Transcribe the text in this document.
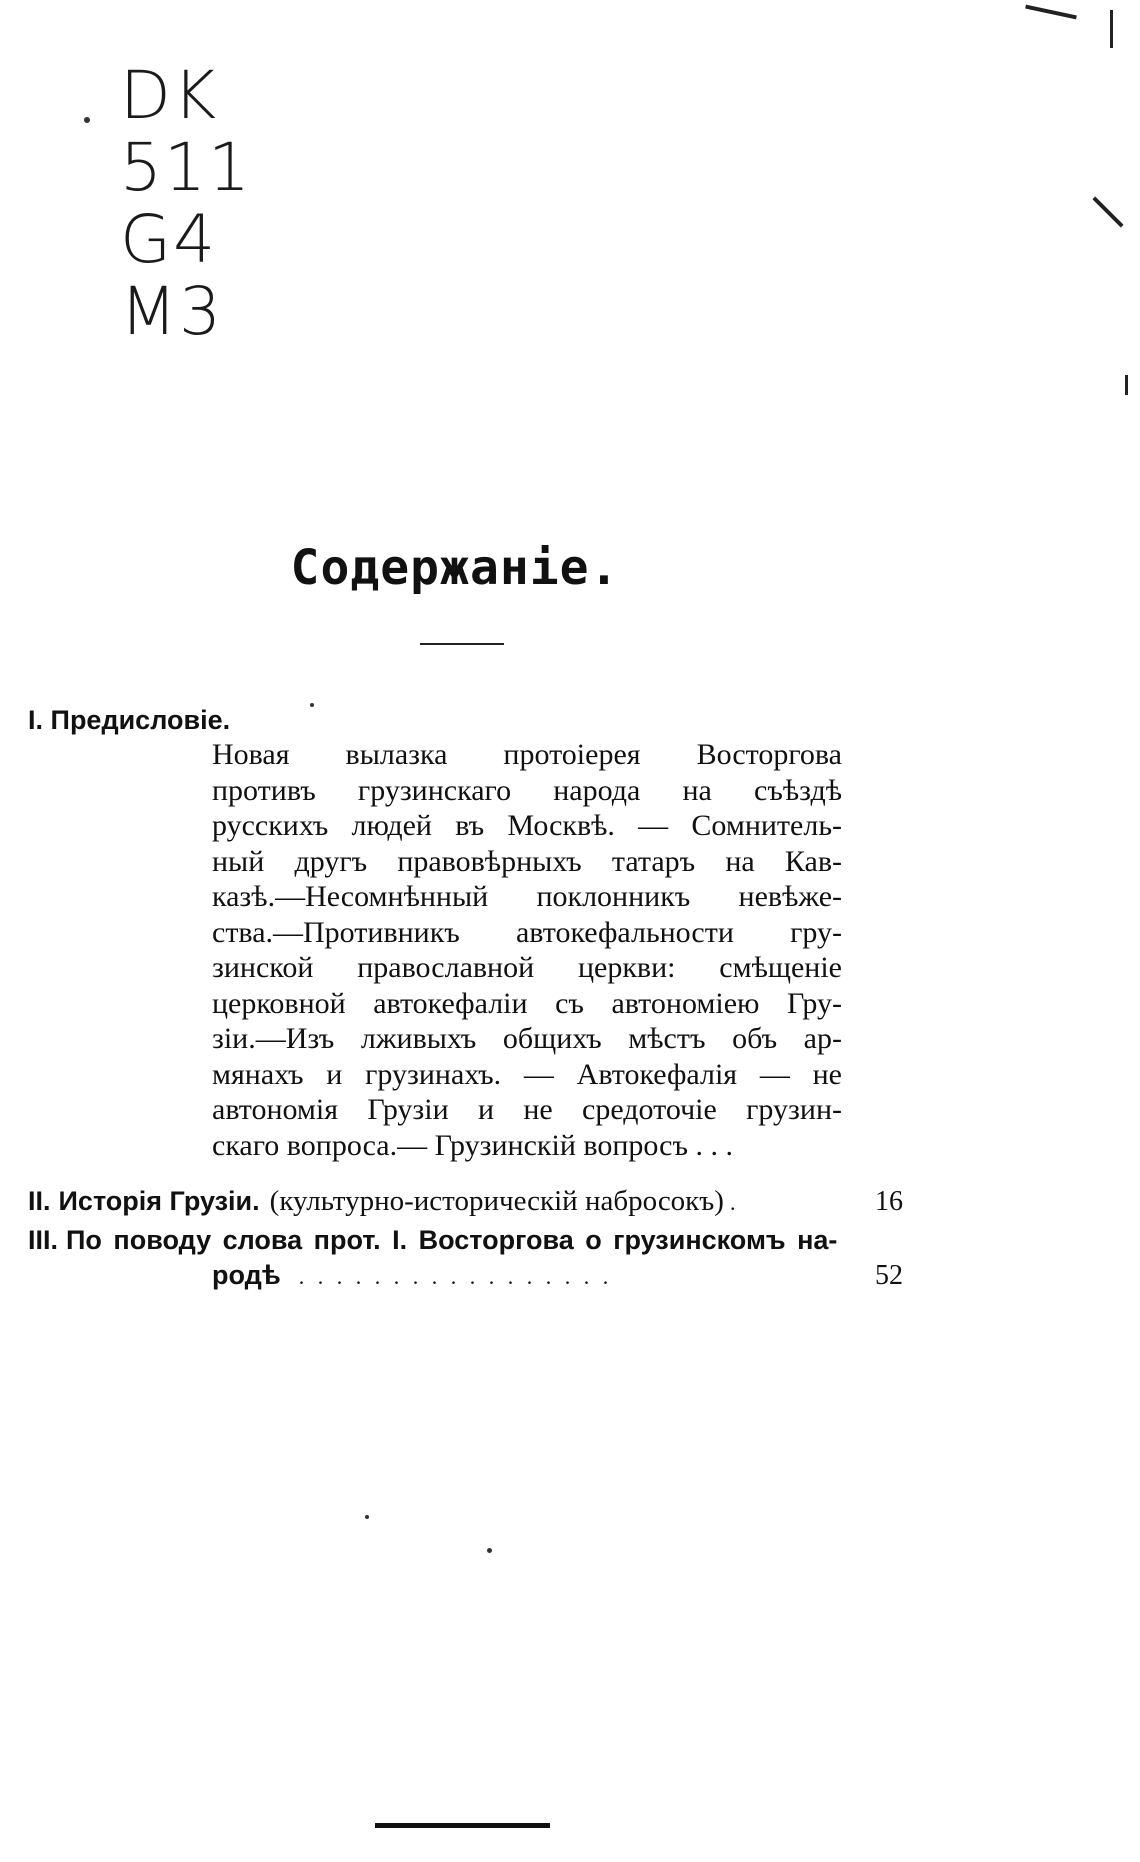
DK
511
G4
M3
Содержаніе.
I. Предисловіе.
Новая вылазка протоіерея Востоpгова
противъ грузинскаго народа на съѣздѣ
русскихъ людей въ Москвѣ. — Сомнитель-
ный другъ правовѣрныхъ татаръ на Кав-
казѣ.—Несомнѣнный поклонникъ невѣже-
ства.—Противникъ автокефальности гру-
зинской православной церкви: смѣщеніе
церковной автокефаліи съ автономіею Гру-
зіи.—Изъ лживыхъ общихъ мѣстъ объ ар-
мянахъ и грузинахъ. — Автокефалія — не
автономія Грузіи и не средоточіе грузин-
скаго вопроса.— Грузинскій вопросъ . . .
II. Исторія Грузіи. (культурно-историческій набросокъ) .	16
III. По поводу слова прот. І. Восторгова о грузинскомъ на-
родѣ . . . . . . . . . . . . . . . . .	52
